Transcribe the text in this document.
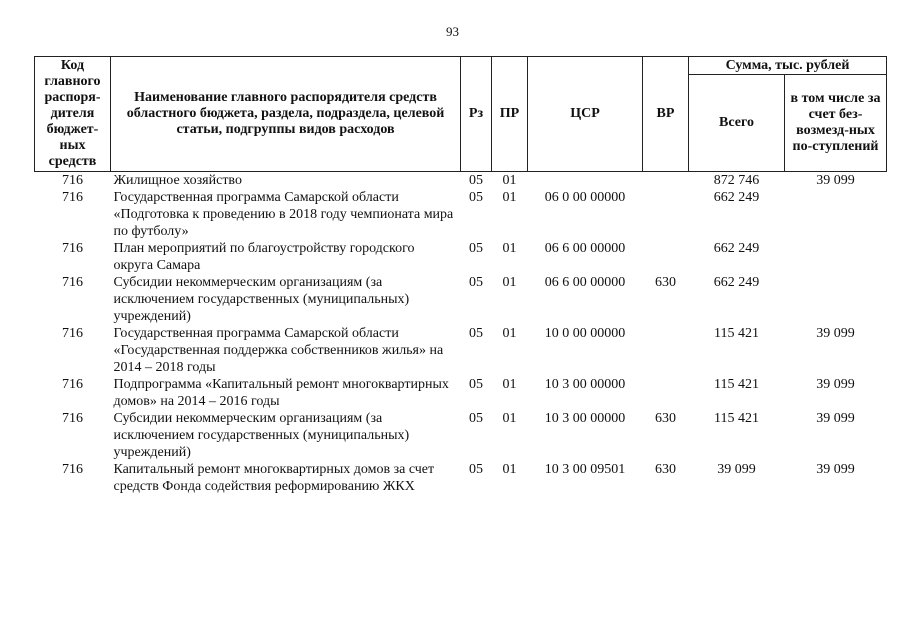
93
Код главного распоря-дителя бюджет-ных средств	Наименование главного распорядителя средств областного бюджета, раздела, подраздела, целевой статьи, подгруппы видов расходов	Рз	ПР	ЦСР	ВР	Сумма, тыс. рублей	
						Всего	в том числе за счет без-возмезд-ных по-ступлений
716	Жилищное хозяйство	05	01			872 746	39 099
716	Государственная программа Самарской области «Подготовка к проведению в 2018 году чемпионата мира по футболу»	05	01	06 0 00 00000		662 249	
716	План мероприятий по благоустройству городского округа Самара	05	01	06 6 00 00000		662 249	
716	Субсидии некоммерческим организациям (за исключением государственных (муниципальных) учреждений)	05	01	06 6 00 00000	630	662 249	
716	Государственная программа Самарской области «Государственная поддержка собственников жилья» на 2014 – 2018 годы	05	01	10 0 00 00000		115 421	39 099
716	Подпрограмма «Капитальный ремонт многоквартирных домов» на 2014 – 2016 годы	05	01	10 3 00 00000		115 421	39 099
716	Субсидии некоммерческим организациям (за исключением государственных (муниципальных) учреждений)	05	01	10 3 00 00000	630	115 421	39 099
716	Капитальный ремонт многоквартирных домов за счет средств Фонда содействия реформированию ЖКХ	05	01	10 3 00 09501	630	39 099	39 099
